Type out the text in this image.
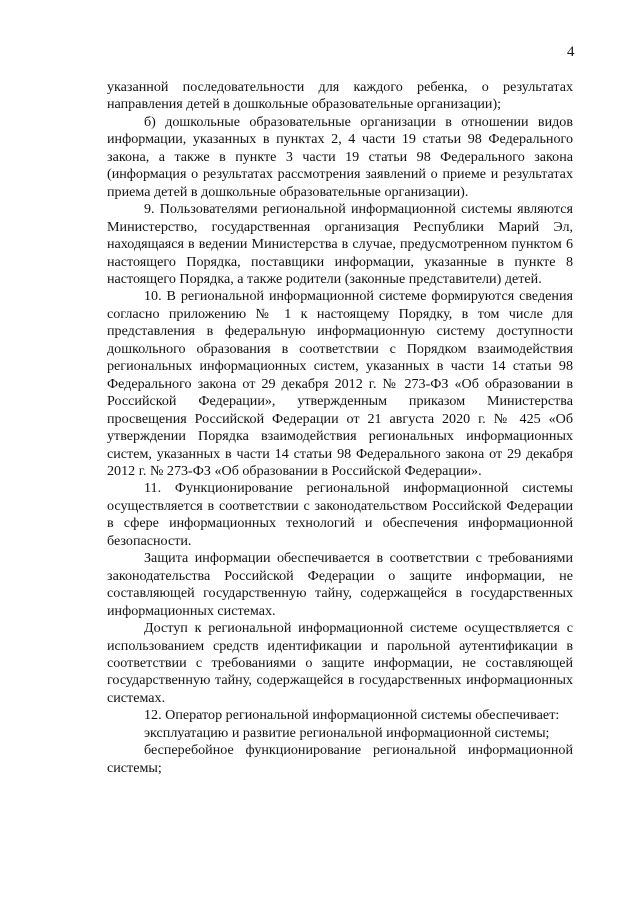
4

указанной последовательности для каждого ребенка, о результатах направления детей в дошкольные образовательные организации);

б) дошкольные образовательные организации в отношении видов информации, указанных в пунктах 2, 4 части 19 статьи 98 Федерального закона, а также в пункте 3 части 19 статьи 98 Федерального закона (информация о результатах рассмотрения заявлений о приеме и результатах приема детей в дошкольные образовательные организации).

9. Пользователями региональной информационной системы являются Министерство, государственная организация Республики Марий Эл, находящаяся в ведении Министерства в случае, предусмотренном пунктом 6 настоящего Порядка, поставщики информации, указанные в пункте 8 настоящего Порядка, а также родители (законные представители) детей.

10. В региональной информационной системе формируются сведения согласно приложению № 1 к настоящему Порядку, в том числе для представления в федеральную информационную систему доступности дошкольного образования в соответствии с Порядком взаимодействия региональных информационных систем, указанных в части 14 статьи 98 Федерального закона от 29 декабря 2012 г. № 273-ФЗ «Об образовании в Российской Федерации», утвержденным приказом Министерства просвещения Российской Федерации от 21 августа 2020 г. № 425 «Об утверждении Порядка взаимодействия региональных информационных систем, указанных в части 14 статьи 98 Федерального закона от 29 декабря 2012 г. № 273-ФЗ «Об образовании в Российской Федерации».

11. Функционирование региональной информационной системы осуществляется в соответствии с законодательством Российской Федерации в сфере информационных технологий и обеспечения информационной безопасности.

Защита информации обеспечивается в соответствии с требованиями законодательства Российской Федерации о защите информации, не составляющей государственную тайну, содержащейся в государственных информационных системах.

Доступ к региональной информационной системе осуществляется с использованием средств идентификации и парольной аутентификации в соответствии с требованиями о защите информации, не составляющей государственную тайну, содержащейся в государственных информационных системах.

12. Оператор региональной информационной системы обеспечивает:

эксплуатацию и развитие региональной информационной системы;

бесперебойное функционирование региональной информационной системы;
